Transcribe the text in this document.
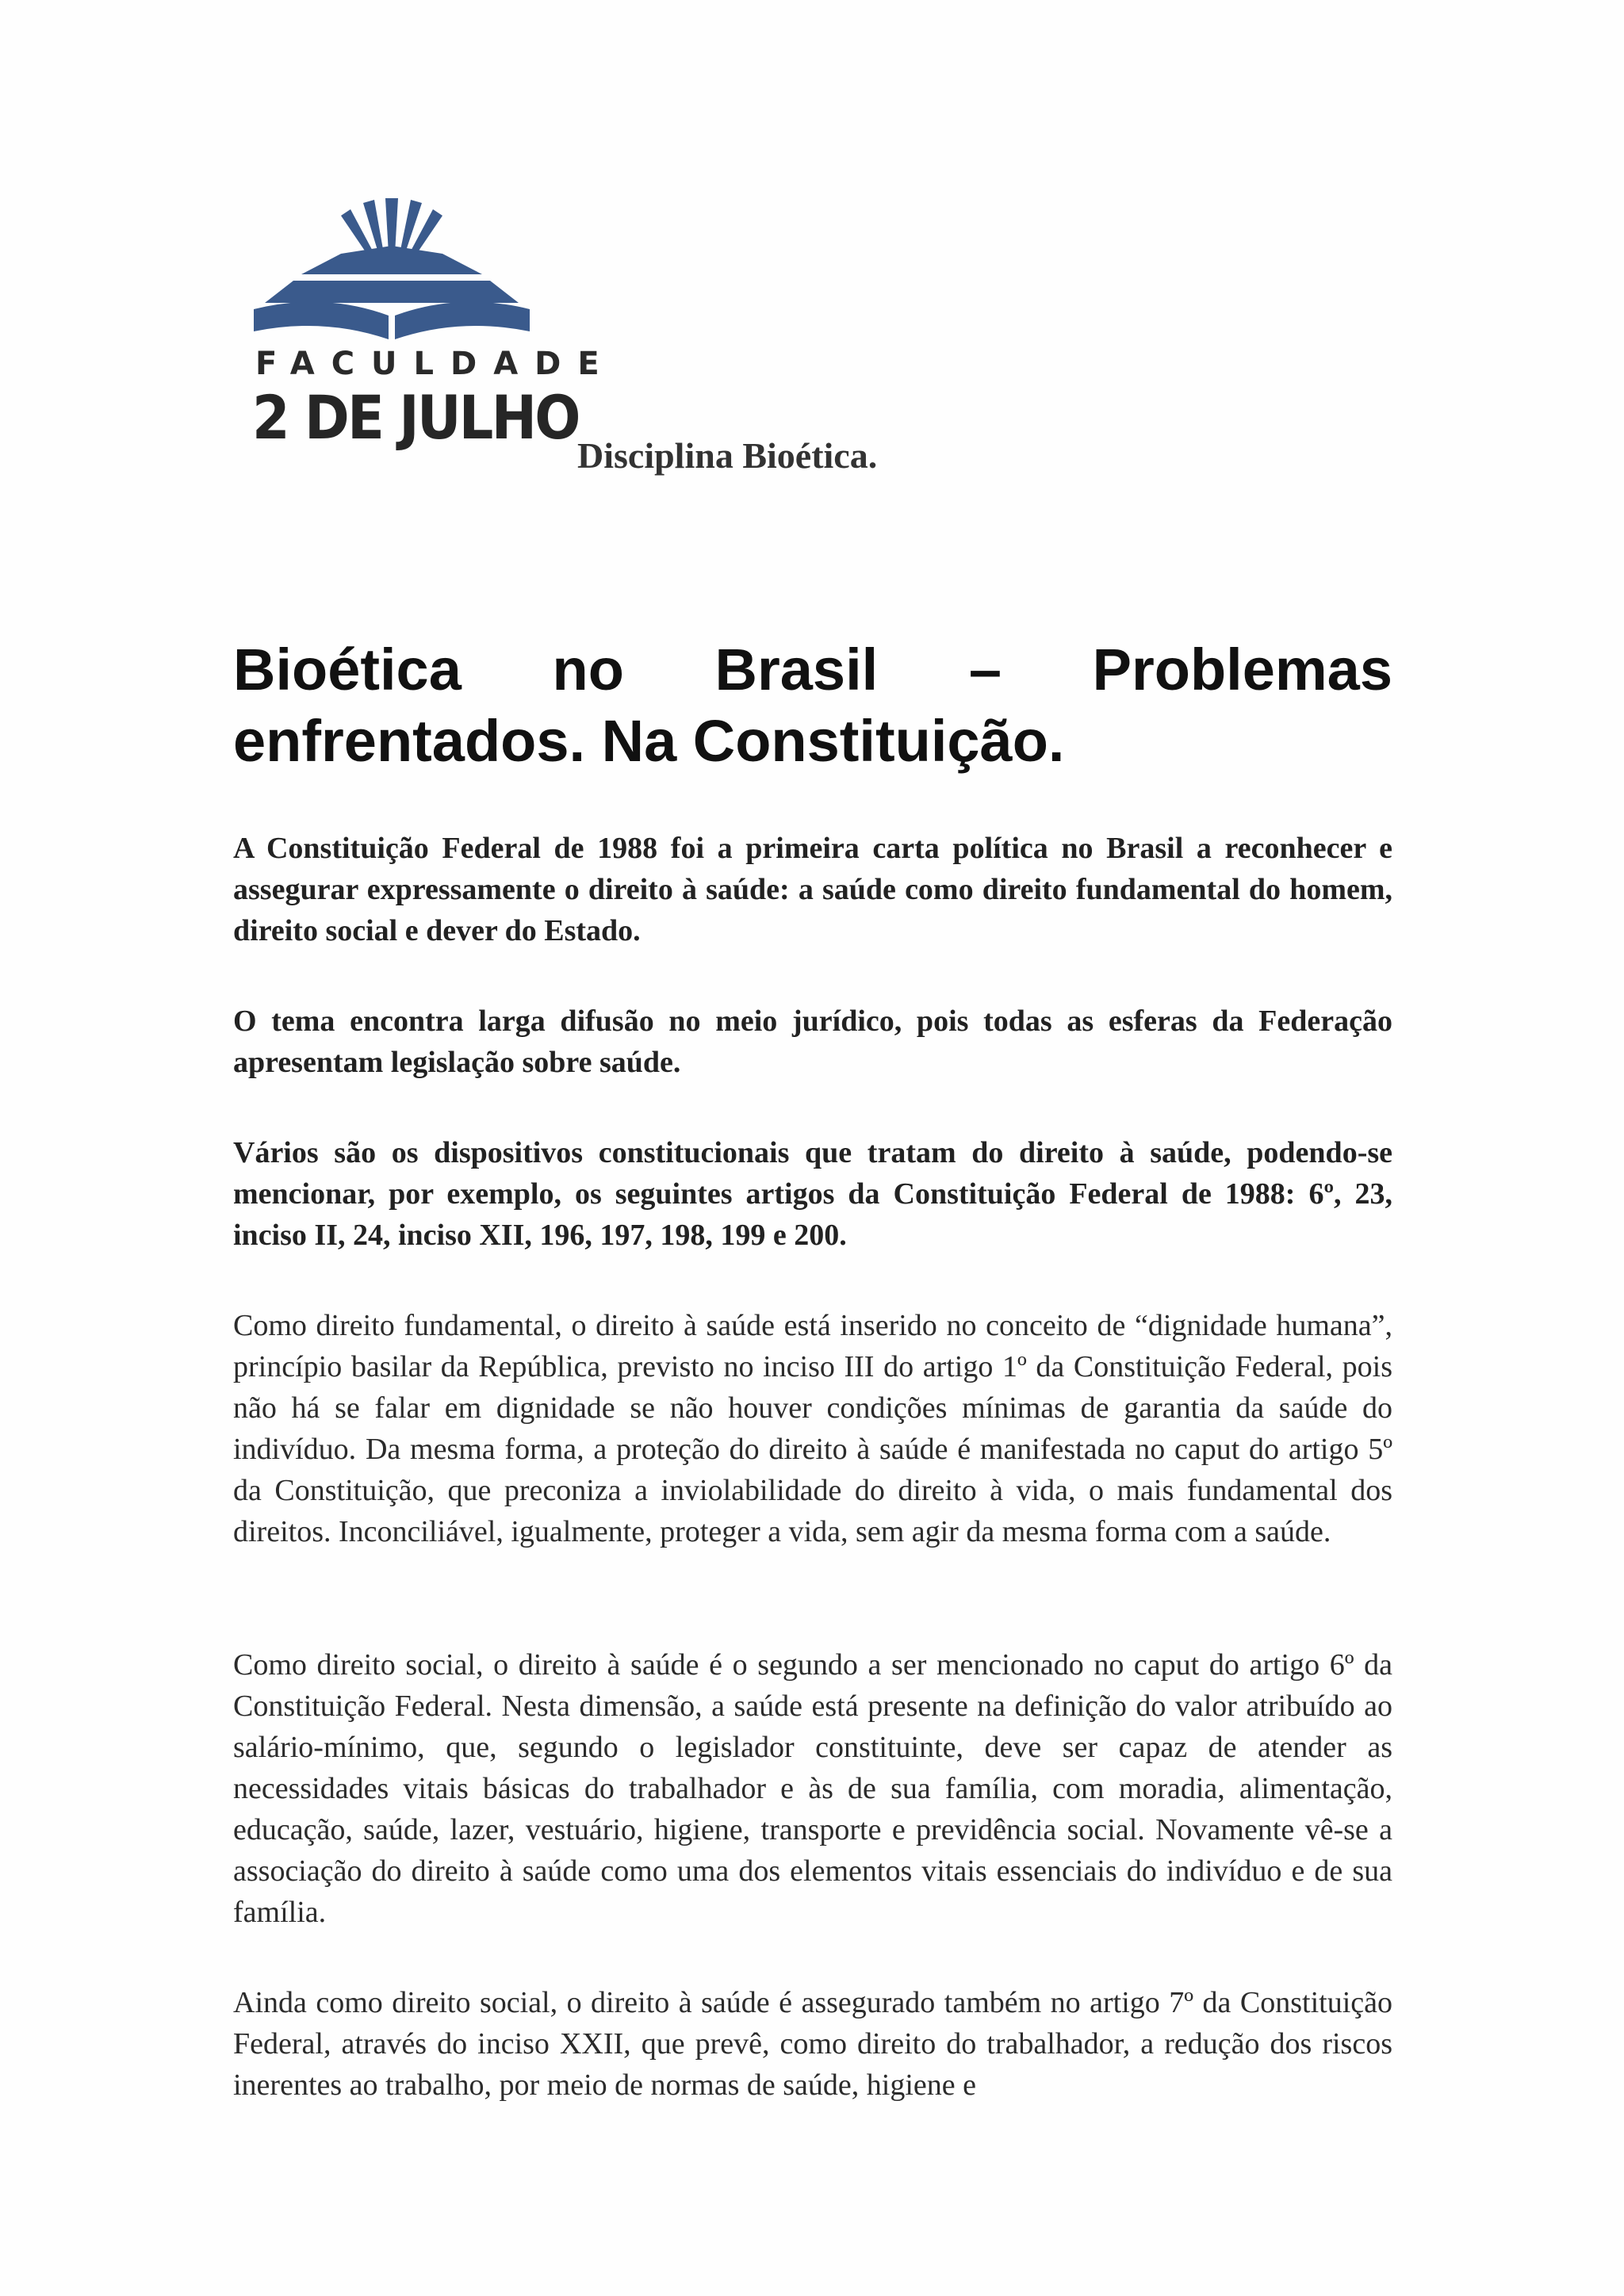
FACULDADE
2 DE JULHO
Disciplina Bioética.
Bioética no Brasil – Problemas
enfrentados. Na Constituição.

A Constituição Federal de 1988 foi a primeira carta política no Brasil a reconhecer e assegurar expressamente o direito à saúde: a saúde como direito fundamental do homem, direito social e dever do Estado.

O tema encontra larga difusão no meio jurídico, pois todas as esferas da Federação apresentam legislação sobre saúde.

Vários são os dispositivos constitucionais que tratam do direito à saúde, podendo-se mencionar, por exemplo, os seguintes artigos da Constituição Federal de 1988: 6º, 23, inciso II, 24, inciso XII, 196, 197, 198, 199 e 200.

Como direito fundamental, o direito à saúde está inserido no conceito de “dignidade humana”, princípio basilar da República, previsto no inciso III do artigo 1º da Constituição Federal, pois não há se falar em dignidade se não houver condições mínimas de garantia da saúde do indivíduo. Da mesma forma, a proteção do direito à saúde é manifestada no caput do artigo 5º da Constituição, que preconiza a inviolabilidade do direito à vida, o mais fundamental dos direitos. Inconciliável, igualmente, proteger a vida, sem agir da mesma forma com a saúde.

Como direito social, o direito à saúde é o segundo a ser mencionado no caput do artigo 6º da Constituição Federal. Nesta dimensão, a saúde está presente na definição do valor atribuído ao salário-mínimo, que, segundo o legislador constituinte, deve ser capaz de atender as necessidades vitais básicas do trabalhador e às de sua família, com moradia, alimentação, educação, saúde, lazer, vestuário, higiene, transporte e previdência social. Novamente vê-se a associação do direito à saúde como uma dos elementos vitais essenciais do indivíduo e de sua família.

Ainda como direito social, o direito à saúde é assegurado também no artigo 7º da Constituição Federal, através do inciso XXII, que prevê, como direito do trabalhador, a redução dos riscos inerentes ao trabalho, por meio de normas de saúde, higiene e
